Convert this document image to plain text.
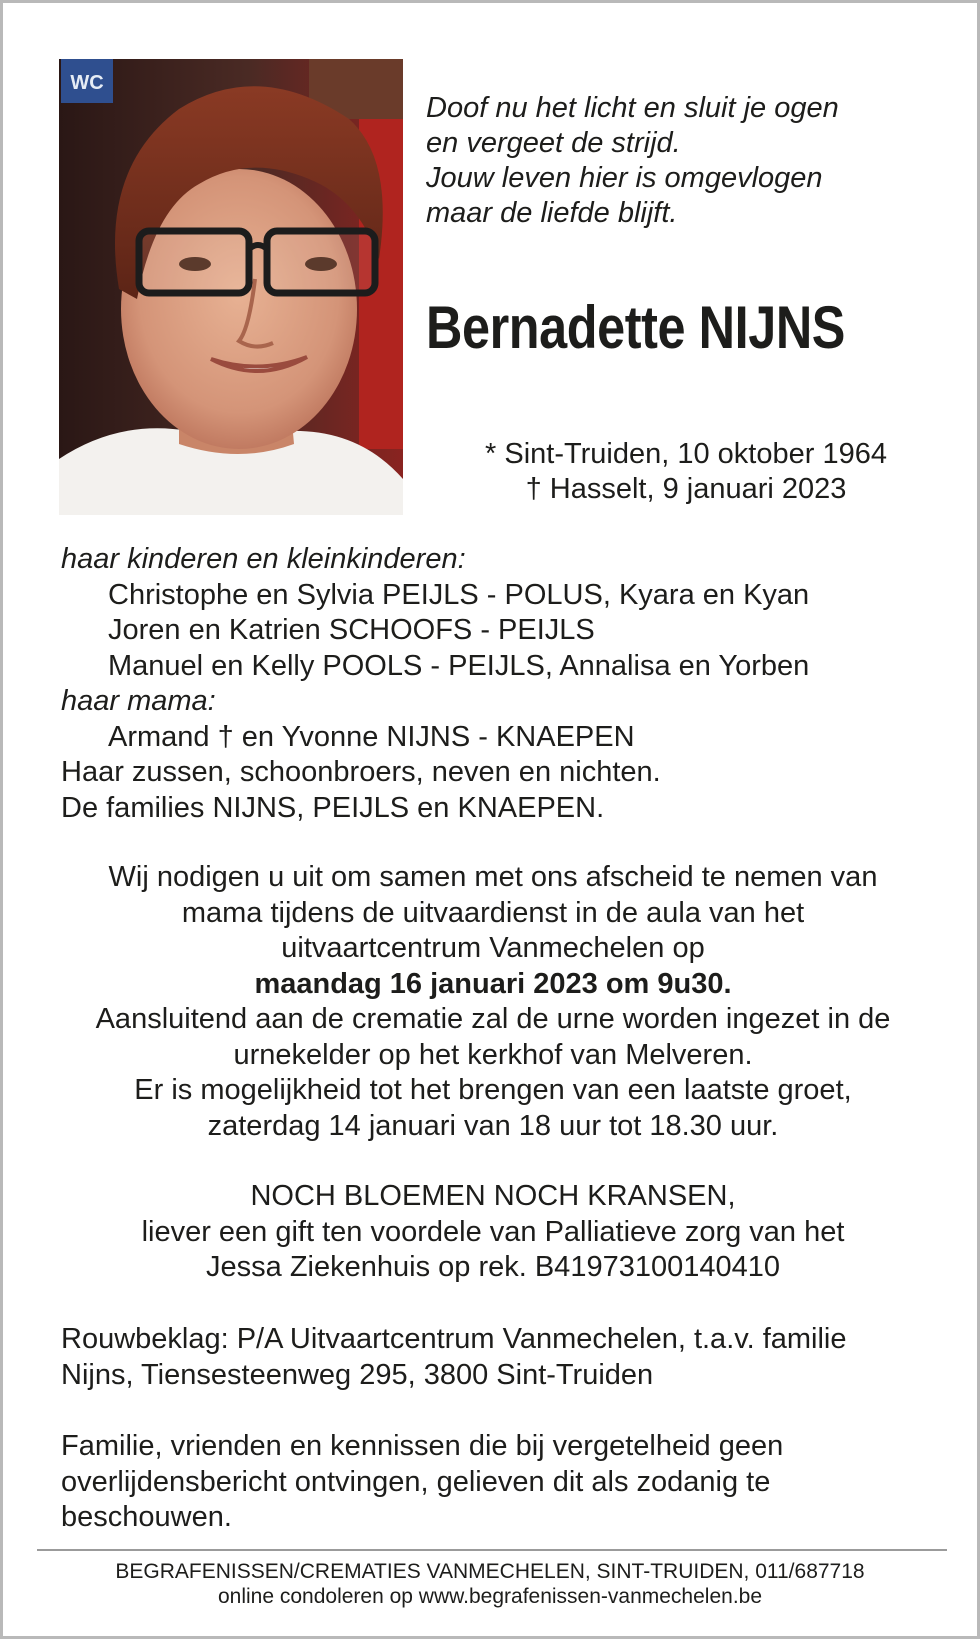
WC
Doof nu het licht en sluit je ogen
en vergeet de strijd.
Jouw leven hier is omgevlogen
maar de liefde blijft.
Bernadette NIJNS
* Sint-Truiden, 10 oktober 1964
† Hasselt, 9 januari 2023
haar kinderen en kleinkinderen:
Christophe en Sylvia PEIJLS - POLUS, Kyara en Kyan
Joren en Katrien SCHOOFS - PEIJLS
Manuel en Kelly POOLS - PEIJLS, Annalisa en Yorben
haar mama:
Armand † en Yvonne NIJNS - KNAEPEN
Haar zussen, schoonbroers, neven en nichten.
De families NIJNS, PEIJLS en KNAEPEN.
Wij nodigen u uit om samen met ons afscheid te nemen van
mama tijdens de uitvaardienst in de aula van het
uitvaartcentrum Vanmechelen op
maandag 16 januari 2023 om 9u30.
Aansluitend aan de crematie zal de urne worden ingezet in de
urnekelder op het kerkhof van Melveren.
Er is mogelijkheid tot het brengen van een laatste groet,
zaterdag 14 januari van 18 uur tot 18.30 uur.
NOCH BLOEMEN NOCH KRANSEN,
liever een gift ten voordele van Palliatieve zorg van het
Jessa Ziekenhuis op rek. B41973100140410
Rouwbeklag: P/A Uitvaartcentrum Vanmechelen, t.a.v. familie
Nijns, Tiensesteenweg 295, 3800 Sint-Truiden
Familie, vrienden en kennissen die bij vergetelheid geen
overlijdensbericht ontvingen, gelieven dit als zodanig te
beschouwen.
BEGRAFENISSEN/CREMATIES VANMECHELEN, SINT-TRUIDEN, 011/687718
online condoleren op www.begrafenissen-vanmechelen.be
